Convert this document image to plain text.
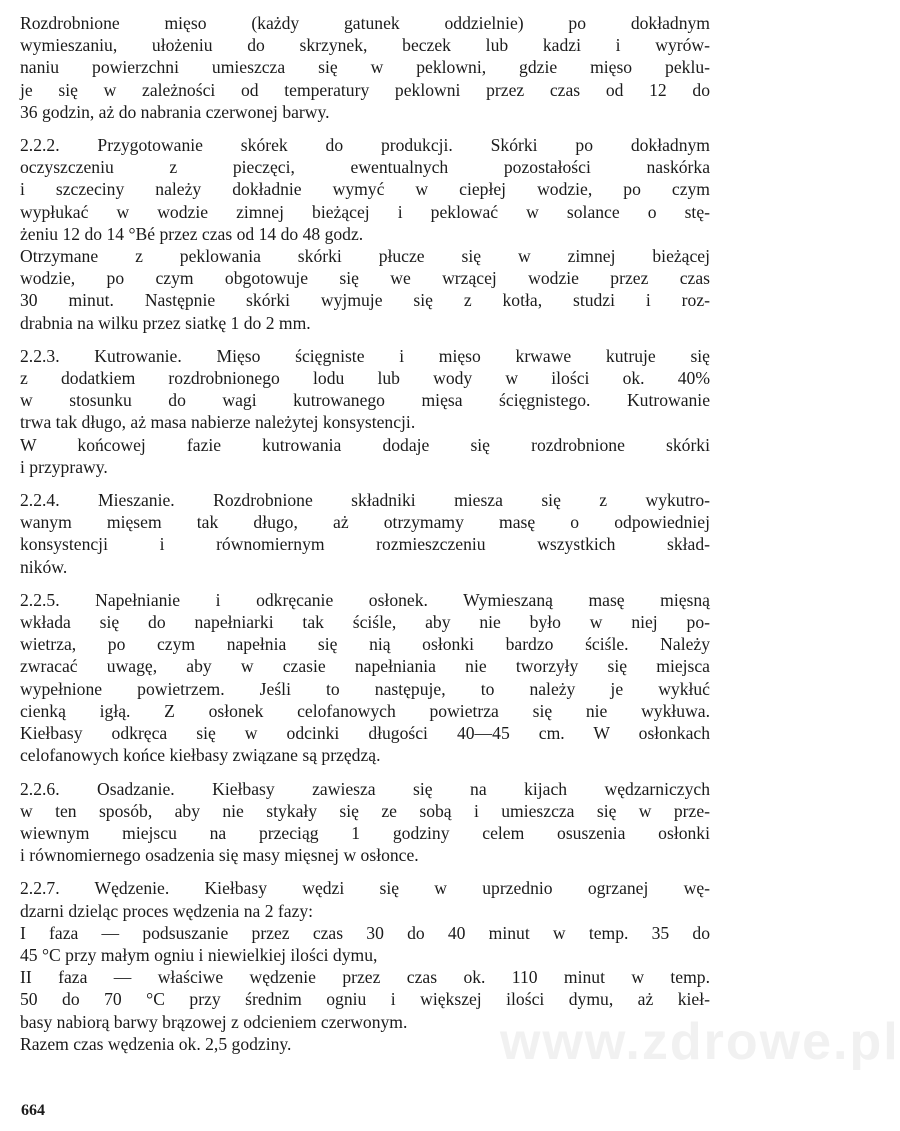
Rozdrobnione mięso (każdy gatunek oddzielnie) po dokładnym
wymieszaniu, ułożeniu do skrzynek, beczek lub kadzi i wyrów-
naniu powierzchni umieszcza się w peklowni, gdzie mięso peklu-
je się w zależności od temperatury peklowni przez czas od 12 do
36 godzin, aż do nabrania czerwonej barwy.

2.2.2. Przygotowanie skórek do produkcji. Skórki po dokładnym
oczyszczeniu z pieczęci, ewentualnych pozostałości naskórka
i szczeciny należy dokładnie wymyć w ciepłej wodzie, po czym
wypłukać w wodzie zimnej bieżącej i peklować w solance o stę-
żeniu 12 do 14 °Bé przez czas od 14 do 48 godz.
Otrzymane z peklowania skórki płucze się w zimnej bieżącej
wodzie, po czym obgotowuje się we wrzącej wodzie przez czas
30 minut. Następnie skórki wyjmuje się z kotła, studzi i roz-
drabnia na wilku przez siatkę 1 do 2 mm.

2.2.3. Kutrowanie. Mięso ścięgniste i mięso krwawe kutruje się
z dodatkiem rozdrobnionego lodu lub wody w ilości ok. 40%
w stosunku do wagi kutrowanego mięsa ścięgnistego. Kutrowanie
trwa tak długo, aż masa nabierze należytej konsystencji.
W końcowej fazie kutrowania dodaje się rozdrobnione skórki
i przyprawy.

2.2.4. Mieszanie. Rozdrobnione składniki miesza się z wykutro-
wanym mięsem tak długo, aż otrzymamy masę o odpowiedniej
konsystencji i równomiernym rozmieszczeniu wszystkich skład-
ników.

2.2.5. Napełnianie i odkręcanie osłonek. Wymieszaną masę mięsną
wkłada się do napełniarki tak ściśle, aby nie było w niej po-
wietrza, po czym napełnia się nią osłonki bardzo ściśle. Należy
zwracać uwagę, aby w czasie napełniania nie tworzyły się miejsca
wypełnione powietrzem. Jeśli to następuje, to należy je wykłuć
cienką igłą. Z osłonek celofanowych powietrza się nie wykłuwa.
Kiełbasy odkręca się w odcinki długości 40—45 cm. W osłonkach
celofanowych końce kiełbasy związane są przędzą.

2.2.6. Osadzanie. Kiełbasy zawiesza się na kijach wędzarniczych
w ten sposób, aby nie stykały się ze sobą i umieszcza się w prze-
wiewnym miejscu na przeciąg 1 godziny celem osuszenia osłonki
i równomiernego osadzenia się masy mięsnej w osłonce.

2.2.7. Wędzenie. Kiełbasy wędzi się w uprzednio ogrzanej wę-
dzarni dzieląc proces wędzenia na 2 fazy:
I faza — podsuszanie przez czas 30 do 40 minut w temp. 35 do
45 °C przy małym ogniu i niewielkiej ilości dymu,
II faza — właściwe wędzenie przez czas ok. 110 minut w temp.
50 do 70 °C przy średnim ogniu i większej ilości dymu, aż kieł-
basy nabiorą barwy brązowej z odcieniem czerwonym.
Razem czas wędzenia ok. 2,5 godziny.	www.zdrowe.pl
664
